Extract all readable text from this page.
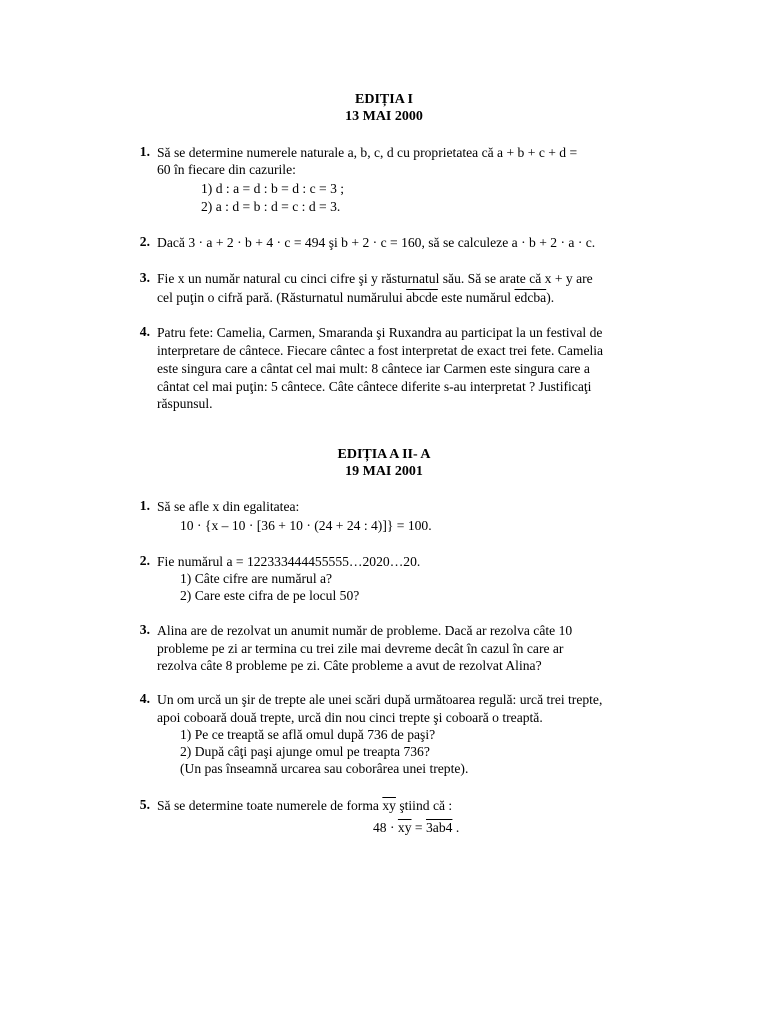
EDIȚIA I
13 MAI 2000
1. Să se determine numerele naturale a, b, c, d cu proprietatea că a + b + c + d =
60 în fiecare din cazurile:
1) d : a = d : b = d : c = 3 ;
2) a : d = b : d = c : d = 3.
2. Dacă 3 · a + 2 · b + 4 · c = 494 şi b + 2 · c = 160, să se calculeze a · b + 2 · a · c.
3. Fie x un număr natural cu cinci cifre şi y răsturnatul său. Să se arate că x + y are
cel puţin o cifră pară. (Răsturnatul numărului abcde este numărul edcba).
4. Patru fete: Camelia, Carmen, Smaranda şi Ruxandra au participat la un festival de
interpretare de cântece. Fiecare cântec a fost interpretat de exact trei fete. Camelia
este singura care a cântat cel mai mult: 8 cântece iar Carmen este singura care a
cântat cel mai puţin: 5 cântece. Câte cântece diferite s-au interpretat ? Justificaţi
răspunsul.
EDIȚIA A II- A
19 MAI 2001
1. Să se afle x din egalitatea:
10 · {x – 10 · [36 + 10 · (24 + 24 : 4)]} = 100.
2. Fie numărul a = 122333444455555…2020…20.
1) Câte cifre are numărul a?
2) Care este cifra de pe locul 50?
3. Alina are de rezolvat un anumit număr de probleme. Dacă ar rezolva câte 10
probleme pe zi ar termina cu trei zile mai devreme decât în cazul în care ar
rezolva câte 8 probleme pe zi. Câte probleme a avut de rezolvat Alina?
4. Un om urcă un şir de trepte ale unei scări după următoarea regulă: urcă trei trepte,
apoi coboară două trepte, urcă din nou cinci trepte şi coboară o treaptă.
1) Pe ce treaptă se află omul după 736 de paşi?
2) După câţi paşi ajunge omul pe treapta 736?
(Un pas înseamnă urcarea sau coborârea unei trepte).
5. Să se determine toate numerele de forma $\overline{xy}$ ştiind că :
$48 \cdot \overline{xy} = 3ab4$ .
